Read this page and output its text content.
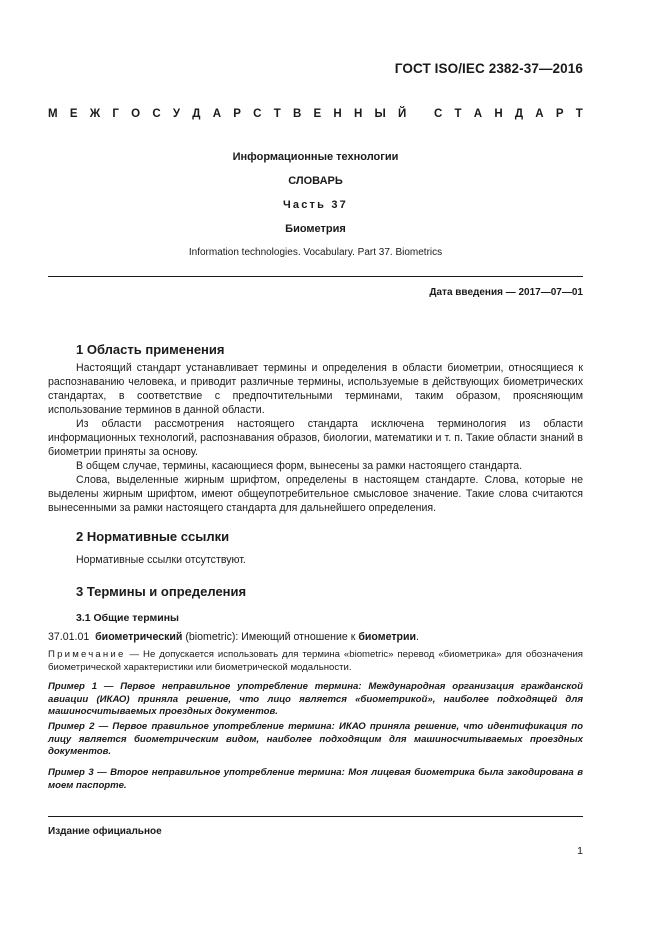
ГОСТ ISO/IEC 2382-37—2016
М Е Ж Г О С У Д А Р С Т В Е Н Н Ы Й
С Т А Н Д А Р Т
Информационные технологии
СЛОВАРЬ
Часть 37
Биометрия
Information technologies. Vocabulary. Part 37. Biometrics
Дата введения — 2017—07—01
1 Область применения

Настоящий стандарт устанавливает термины и определения в области биометрии, относящиеся к распознаванию человека, и приводит различные термины, используемые в действующих биометрических стандартах, в соответствие с предпочтительными терминами, таким образом, проясняющим использование терминов в данной области.

Из области рассмотрения настоящего стандарта исключена терминология из области информационных технологий, распознавания образов, биологии, математики и т. п. Такие области знаний в биометрии приняты за основу.

В общем случае, термины, касающиеся форм, вынесены за рамки настоящего стандарта.

Слова, выделенные жирным шрифтом, определены в настоящем стандарте. Слова, которые не выделены жирным шрифтом, имеют общеупотребительное смысловое значение. Такие слова считаются вынесенными за рамки настоящего стандарта для дальнейшего определения.

2 Нормативные ссылки

Нормативные ссылки отсутствуют.

3 Термины и определения
3.1 Общие термины

37.01.01 биометрический (biometric): Имеющий отношение к биометрии.

Примечание — Не допускается использовать для термина «biometric» перевод «биометрика» для обозначения биометрической характеристики или биометрической модальности.

Пример 1 — Первое неправильное употребление термина: Международная организация гражданской авиации (ИКАО) приняла решение, что лицо является «биометрикой», наиболее подходящей для машиносчитываемых проездных документов.

Пример 2 — Первое правильное употребление термина: ИКАО приняла решение, что идентификация по лицу является биометрическим видом, наиболее подходящим для машиносчитываемых проездных документов.

Пример 3 — Второе неправильное употребление термина: Моя лицевая биометрика была закодирована в моем паспорте.

Издание официальное
1
